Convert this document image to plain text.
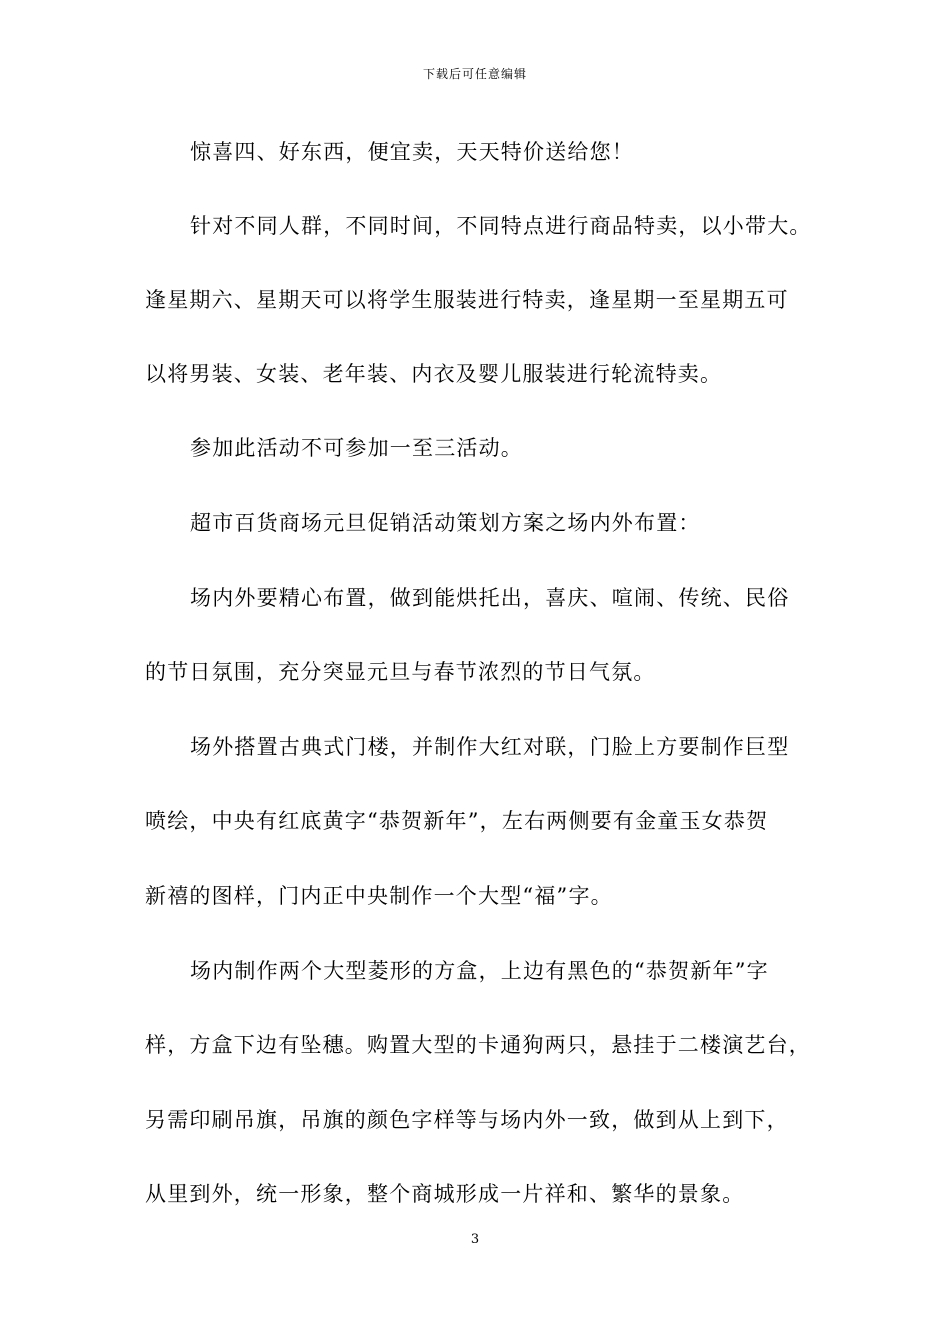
下载后可任意编辑
惊喜四、好东西，便宜卖，天天特价送给您！
针对不同人群，不同时间，不同特点进行商品特卖，以小带大。
逢星期六、星期天可以将学生服装进行特卖，逢星期一至星期五可
以将男装、女装、老年装、内衣及婴儿服装进行轮流特卖。
参加此活动不可参加一至三活动。
超市百货商场元旦促销活动策划方案之场内外布置：
场内外要精心布置，做到能烘托出，喜庆、喧闹、传统、民俗
的节日氛围，充分突显元旦与春节浓烈的节日气氛。
场外搭置古典式门楼，并制作大红对联，门脸上方要制作巨型
喷绘，中央有红底黄字“恭贺新年”，左右两侧要有金童玉女恭贺
新禧的图样，门内正中央制作一个大型“福”字。
场内制作两个大型菱形的方盒，上边有黑色的“恭贺新年”字
样，方盒下边有坠穗。购置大型的卡通狗两只，悬挂于二楼演艺台，
另需印刷吊旗，吊旗的颜色字样等与场内外一致，做到从上到下，
从里到外，统一形象，整个商城形成一片祥和、繁华的景象。
3
